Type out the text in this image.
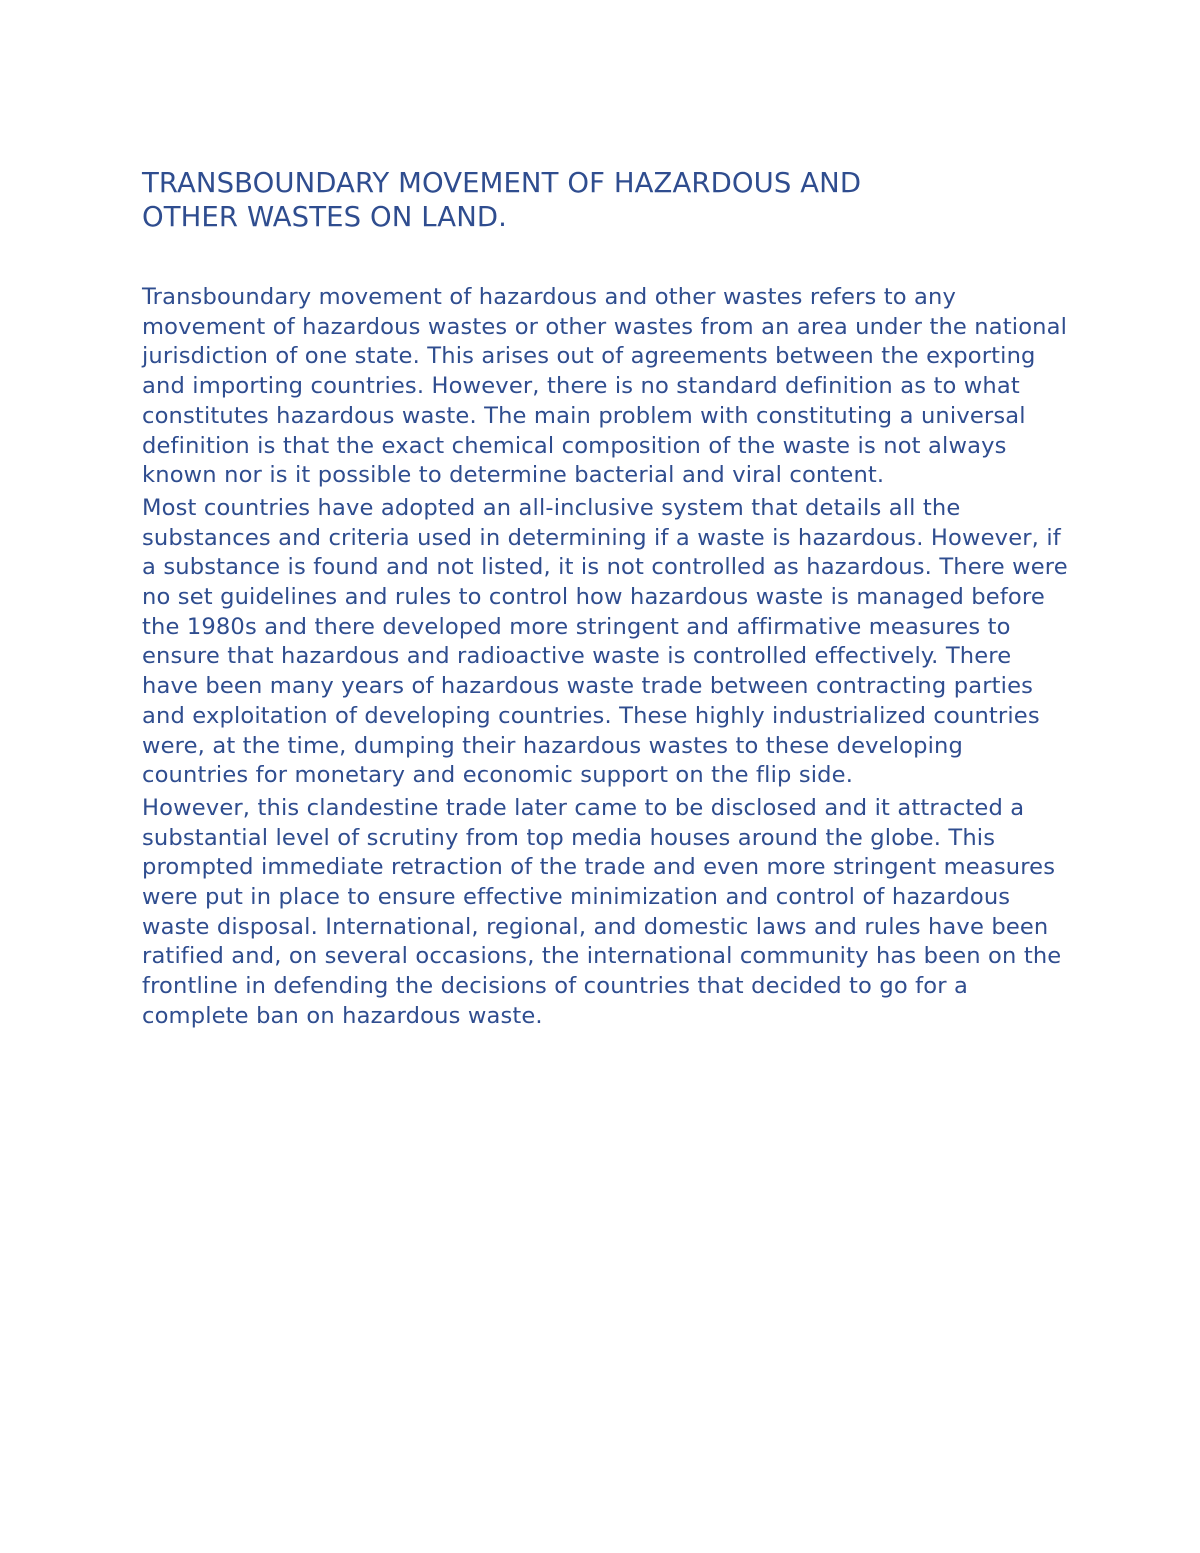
TRANSBOUNDARY MOVEMENT OF HAZARDOUS AND
OTHER WASTES ON LAND.

Transboundary movement of hazardous and other wastes refers to any movement of hazardous wastes or other wastes from an area under the national jurisdiction of one state. This arises out of agreements between the exporting and importing countries. However, there is no standard definition as to what constitutes hazardous waste. The main problem with constituting a universal definition is that the exact chemical composition of the waste is not always known nor is it possible to determine bacterial and viral content.

Most countries have adopted an all-inclusive system that details all the substances and criteria used in determining if a waste is hazardous. However, if a substance is found and not listed, it is not controlled as hazardous. There were no set guidelines and rules to control how hazardous waste is managed before the 1980s and there developed more stringent and affirmative measures to ensure that hazardous and radioactive waste is controlled effectively. There have been many years of hazardous waste trade between contracting parties and exploitation of developing countries. These highly industrialized countries were, at the time, dumping their hazardous wastes to these developing countries for monetary and economic support on the flip side.

However, this clandestine trade later came to be disclosed and it attracted a substantial level of scrutiny from top media houses around the globe. This prompted immediate retraction of the trade and even more stringent measures were put in place to ensure effective minimization and control of hazardous waste disposal. International, regional, and domestic laws and rules have been ratified and, on several occasions, the international community has been on the frontline in defending the decisions of countries that decided to go for a complete ban on hazardous waste.
